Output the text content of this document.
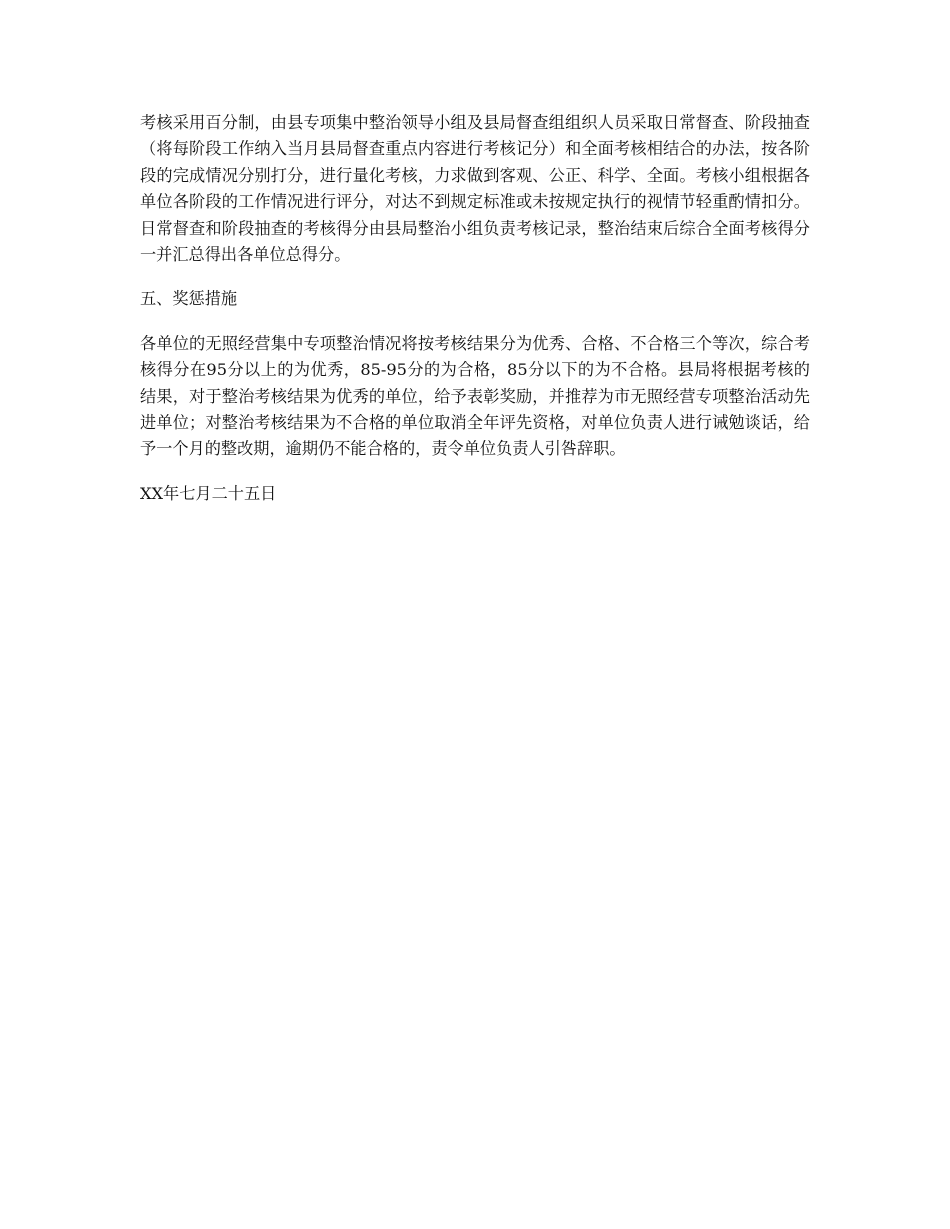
考核采用百分制，由县专项集中整治领导小组及县局督查组组织人员采取日常督查、阶段抽查（将每阶段工作纳入当月县局督查重点内容进行考核记分）和全面考核相结合的办法，按各阶段的完成情况分别打分，进行量化考核，力求做到客观、公正、科学、全面。考核小组根据各单位各阶段的工作情况进行评分，对达不到规定标准或未按规定执行的视情节轻重酌情扣分。日常督查和阶段抽查的考核得分由县局整治小组负责考核记录，整治结束后综合全面考核得分一并汇总得出各单位总得分。

五、奖惩措施

各单位的无照经营集中专项整治情况将按考核结果分为优秀、合格、不合格三个等次，综合考核得分在95分以上的为优秀，85-95分的为合格，85分以下的为不合格。县局将根据考核的结果，对于整治考核结果为优秀的单位，给予表彰奖励，并推荐为市无照经营专项整治活动先进单位；对整治考核结果为不合格的单位取消全年评先资格，对单位负责人进行诫勉谈话，给予一个月的整改期，逾期仍不能合格的，责令单位负责人引咎辞职。

XX年七月二十五日
